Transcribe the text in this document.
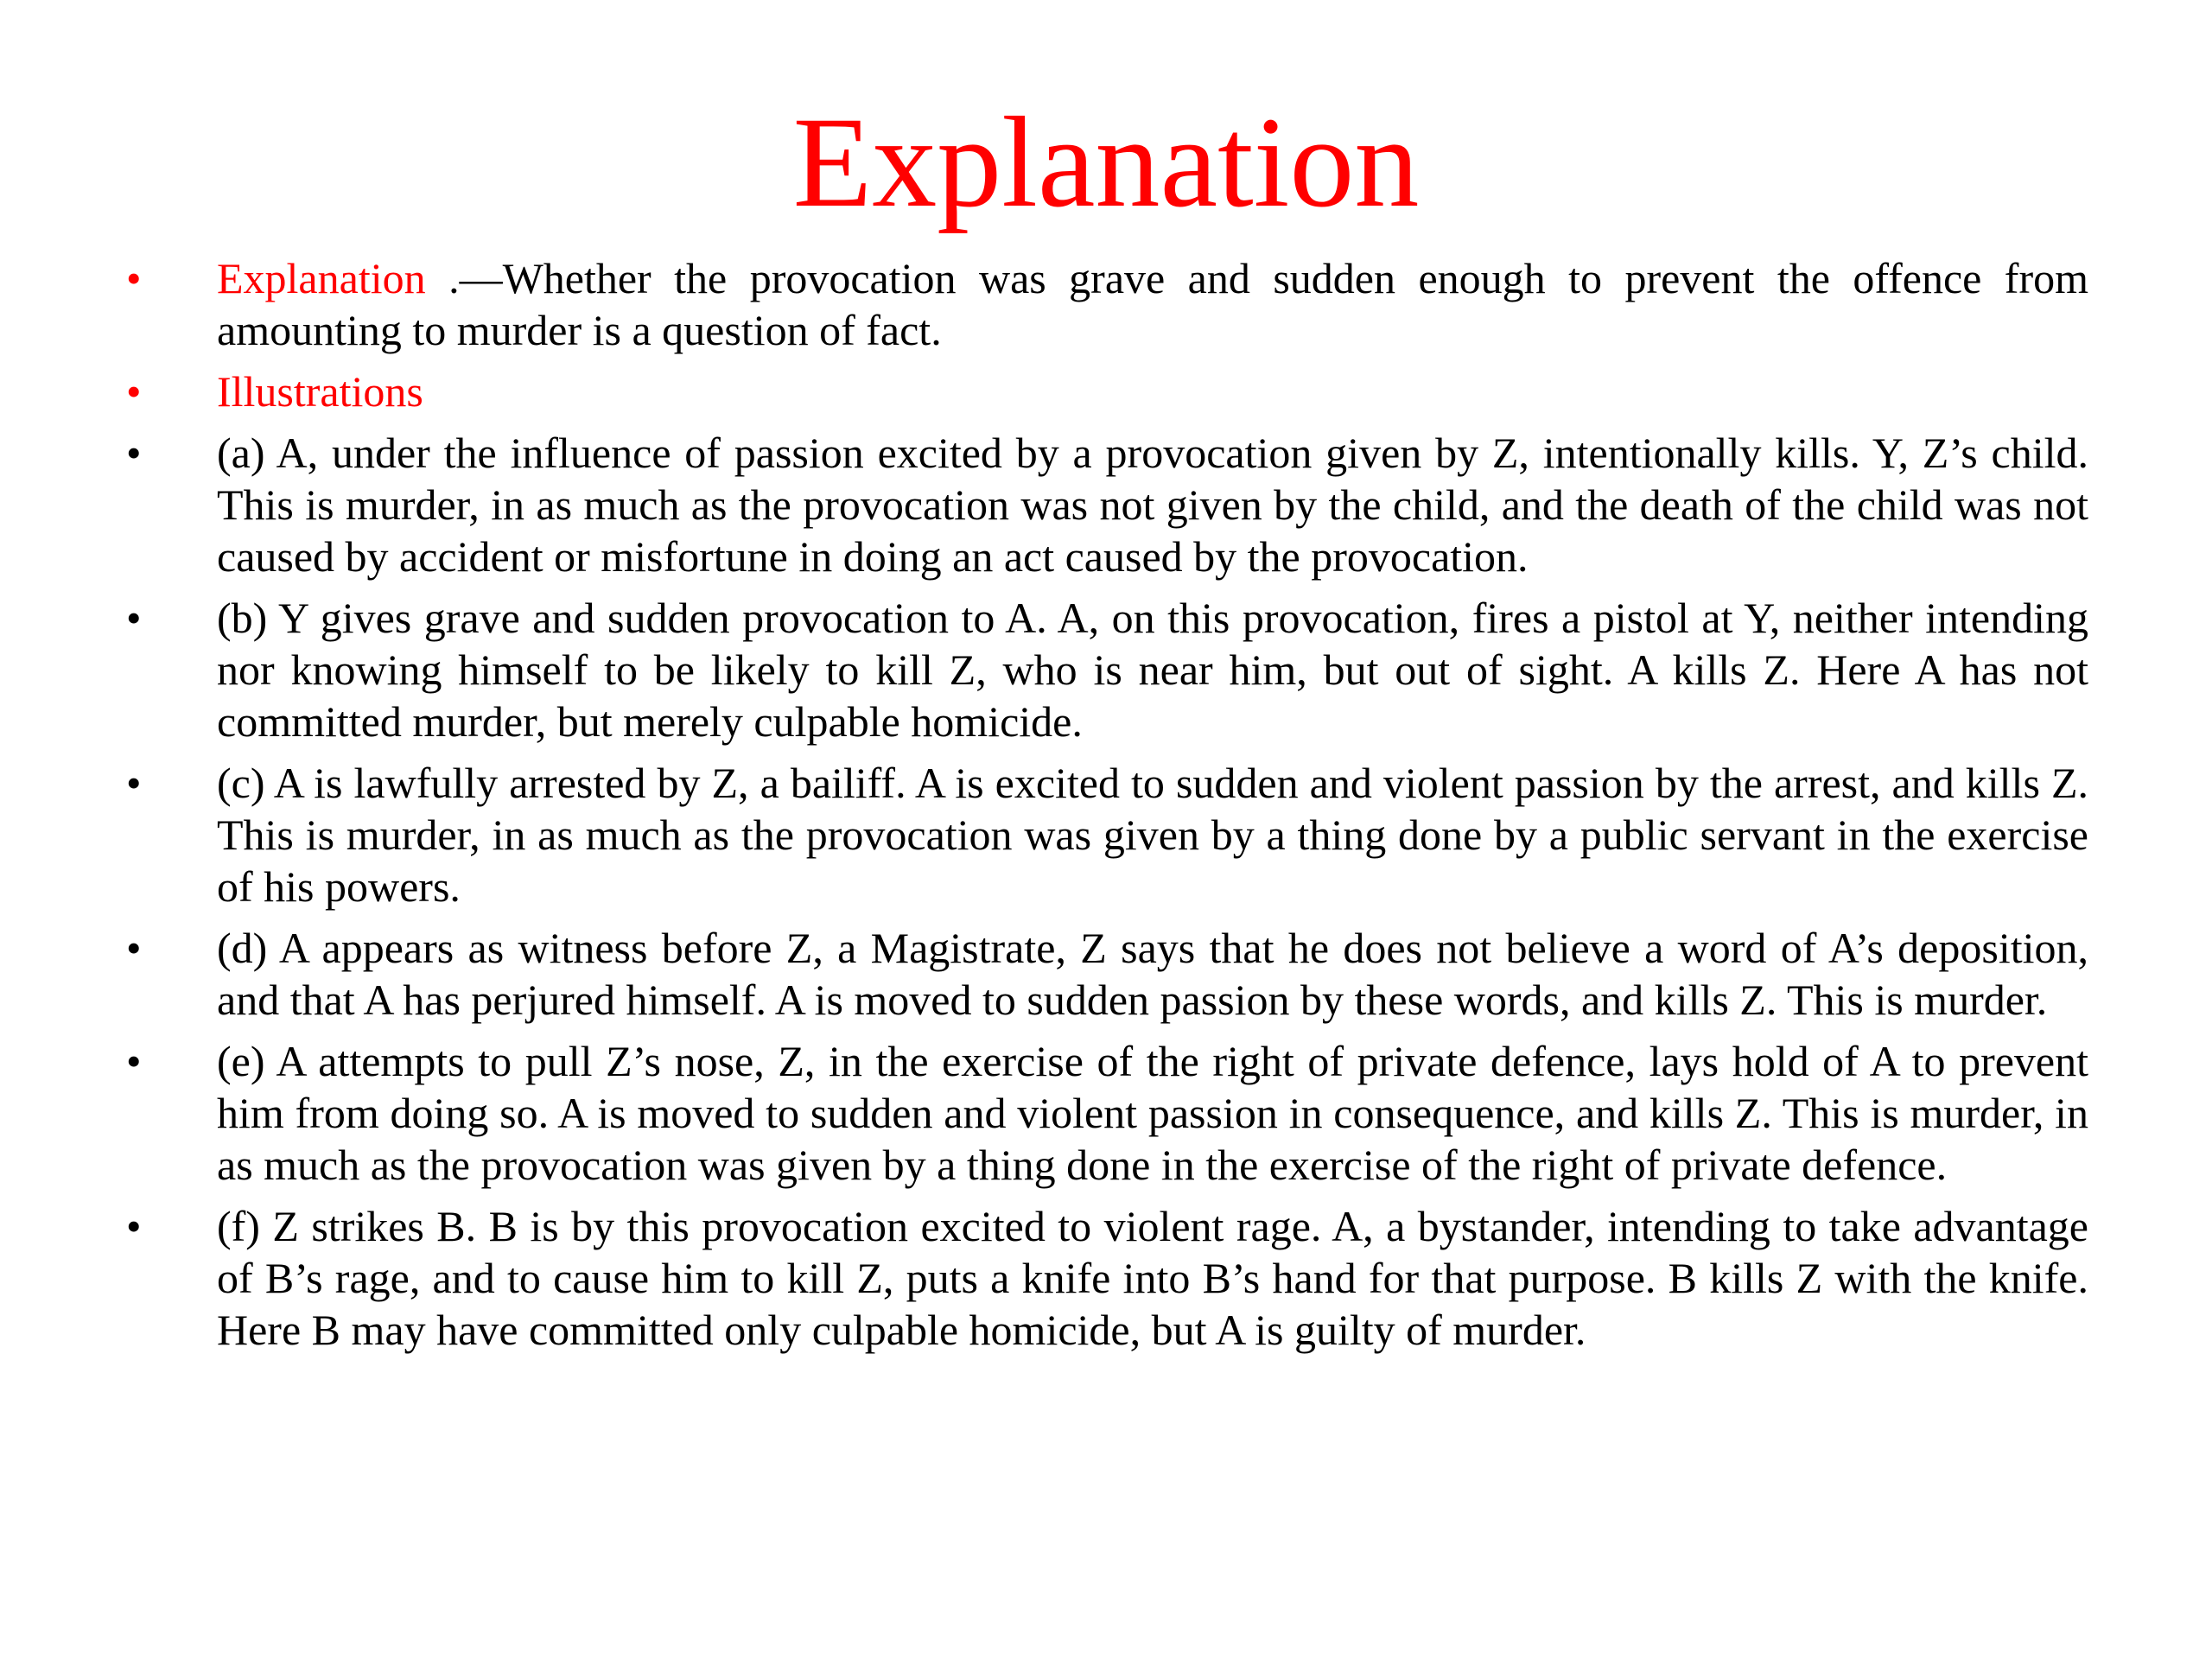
Explanation
• Explanation .—Whether the provocation was grave and sudden enough to prevent the offence from amounting to murder is a question of fact.
• Illustrations
• (a) A, under the influence of passion excited by a provocation given by Z, intentionally kills. Y, Z’s child. This is murder, in as much as the provocation was not given by the child, and the death of the child was not caused by accident or misfortune in doing an act caused by the provocation.
• (b) Y gives grave and sudden provocation to A. A, on this provocation, fires a pistol at Y, neither intending nor knowing himself to be likely to kill Z, who is near him, but out of sight. A kills Z. Here A has not committed murder, but merely culpable homicide.
• (c) A is lawfully arrested by Z, a bailiff. A is excited to sudden and violent passion by the arrest, and kills Z. This is murder, in as much as the provocation was given by a thing done by a public servant in the exercise of his powers.
• (d) A appears as witness before Z, a Magistrate, Z says that he does not believe a word of A’s deposition, and that A has perjured himself. A is moved to sudden passion by these words, and kills Z. This is murder.
• (e) A attempts to pull Z’s nose, Z, in the exercise of the right of private defence, lays hold of A to prevent him from doing so. A is moved to sudden and violent passion in consequence, and kills Z. This is murder, in as much as the provocation was given by a thing done in the exercise of the right of private defence.
• (f) Z strikes B. B is by this provocation excited to violent rage. A, a bystander, intending to take advantage of B’s rage, and to cause him to kill Z, puts a knife into B’s hand for that purpose. B kills Z with the knife. Here B may have committed only culpable homicide, but A is guilty of murder.
